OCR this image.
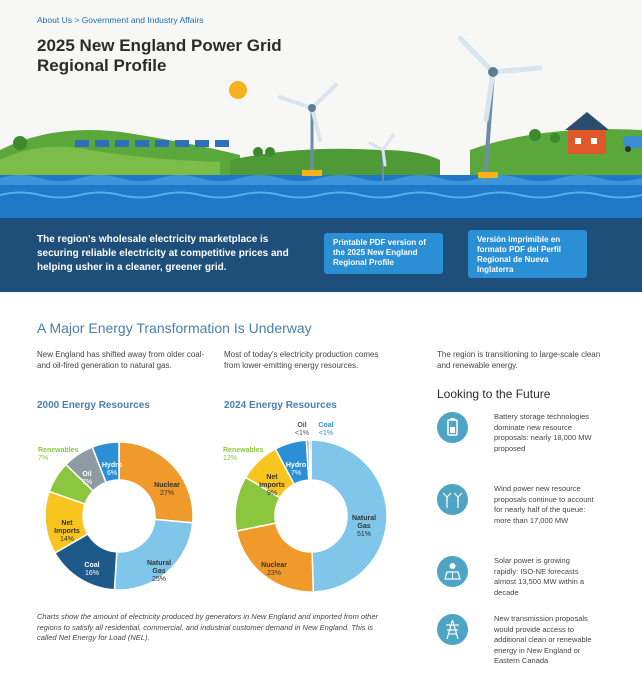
About Us > Government and Industry Affairs
2025 New England Power Grid Regional Profile
The region's wholesale electricity marketplace is securing reliable electricity at competitive prices and helping usher in a cleaner, greener grid.
Printable PDF version of the 2025 New England Regional Profile
Versión imprimible en formato PDF del Perfil Regional de Nueva Inglaterra
A Major Energy Transformation Is Underway
New England has shifted away from older coal- and oil-fired generation to natural gas.
Most of today's electricity production comes from lower-emitting energy resources.
The region is transitioning to large-scale clean and renewable energy.
2000 Energy Resources	2024 Energy Resources
Nuclear 27%
Natural Gas 25%
Coal 16%
Net Imports 14%
Renewables 7%
Oil 7%
Hydro 6%
Natural Gas 51%
Nuclear 23%
Renewables 12%
Net Imports 9%
Hydro 7%
Oil <1%
Coal <1%
Charts show the amount of electricity produced by generators in New England and imported from other regions to satisfy all residential, commercial, and industrial customer demand in New England. This is called Net Energy for Load (NEL).
Looking to the Future
Battery storage technologies dominate new resource proposals: nearly 18,000 MW proposed
Wind power new resource proposals continue to account for nearly half of the queue: more than 17,000 MW
Solar power is growing rapidly: ISO-NE forecasts almost 13,500 MW within a decade
New transmission proposals would provide access to additional clean or renewable energy in New England or Eastern Canada
